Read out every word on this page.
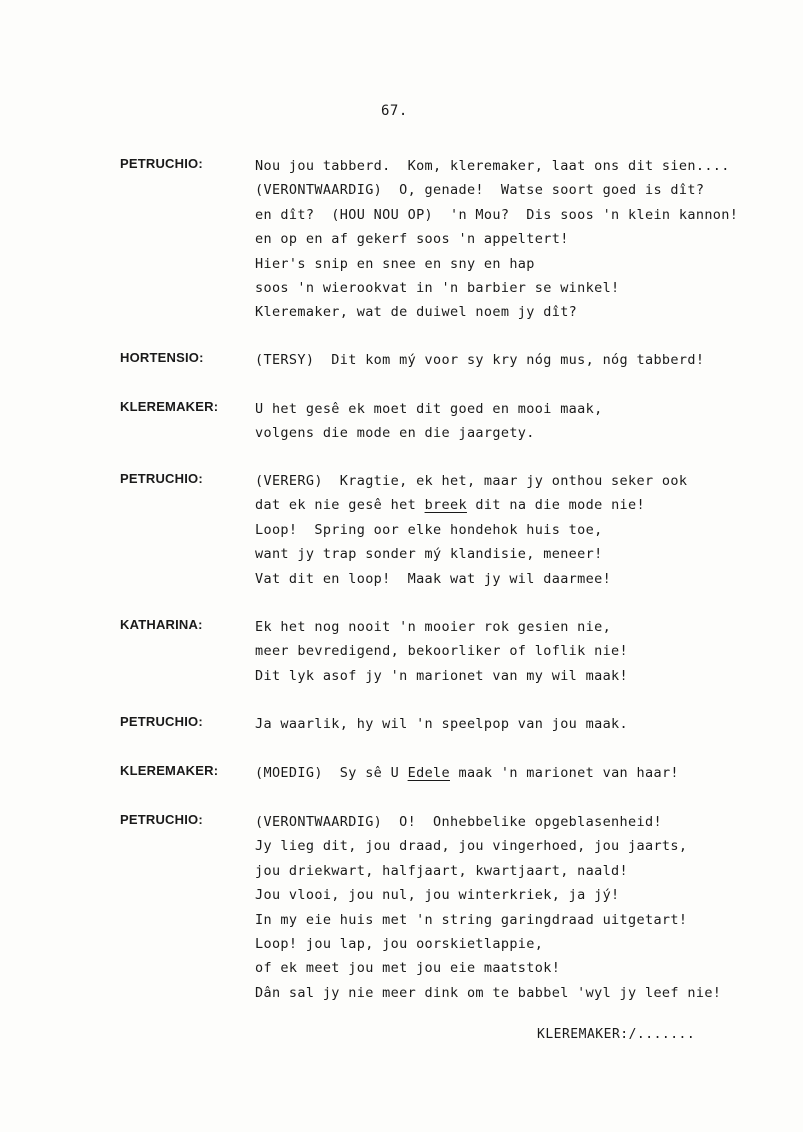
67.
PETRUCHIO:	Nou jou tabberd.  Kom, kleremaker, laat ons dit sien....
(VERONTWAARDIG)  O, genade!  Watse soort goed is dît?
en dît?  (HOU NOU OP)  'n Mou?  Dis soos 'n klein kannon!
en op en af gekerf soos 'n appeltert!
Hier's snip en snee en sny en hap
soos 'n wierookvat in 'n barbier se winkel!
Kleremaker, wat de duiwel noem jy dît?
HORTENSIO:	(TERSY)  Dit kom mý voor sy kry nóg mus, nóg tabberd!
KLEREMAKER:	U het gesê ek moet dit goed en mooi maak,
volgens die mode en die jaargety.
PETRUCHIO:	(VERERG)  Kragtie, ek het, maar jy onthou seker ook
dat ek nie gesê het breek dit na die mode nie!
Loop!  Spring oor elke hondehok huis toe,
want jy trap sonder mý klandisie, meneer!
Vat dit en loop!  Maak wat jy wil daarmee!
KATHARINA:	Ek het nog nooit 'n mooier rok gesien nie,
meer bevredigend, bekoorliker of loflik nie!
Dit lyk asof jy 'n marionet van my wil maak!
PETRUCHIO:	Ja waarlik, hy wil 'n speelpop van jou maak.
KLEREMAKER:	(MOEDIG)  Sy sê U Edele maak 'n marionet van haar!
PETRUCHIO:	(VERONTWAARDIG)  O!  Onhebbelike opgeblasenheid!
Jy lieg dit, jou draad, jou vingerhoed, jou jaarts,
jou driekwart, halfjaart, kwartjaart, naald!
Jou vlooi, jou nul, jou winterkriek, ja jý!
In my eie huis met 'n string garingdraad uitgetart!
Loop! jou lap, jou oorskietlappie,
of ek meet jou met jou eie maatstok!
Dân sal jy nie meer dink om te babbel 'wyl jy leef nie!
KLEREMAKER:/.......
